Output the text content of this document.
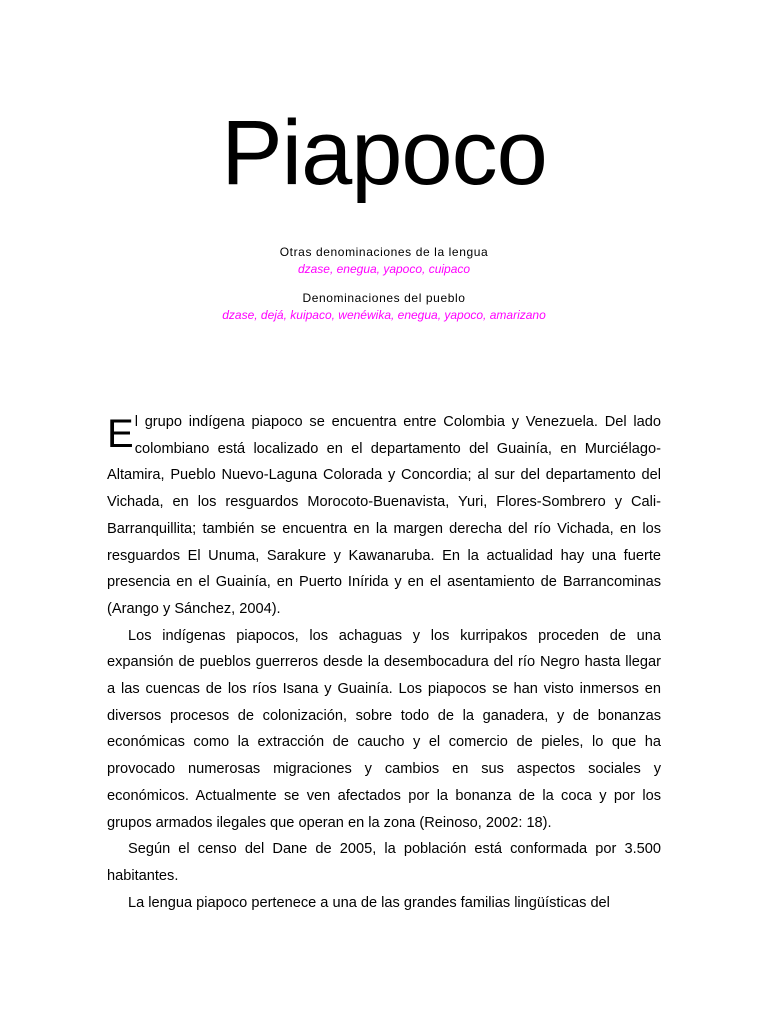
Piapoco
Otras denominaciones de la lengua
dzase, enegua, yapoco, cuipaco
Denominaciones del pueblo
dzase, dejá, kuipaco, wenéwika, enegua, yapoco, amarizano

El grupo indígena piapoco se encuentra entre Colombia y Venezuela. Del lado colombiano está localizado en el departamento del Guainía, en Murciélago-Altamira, Pueblo Nuevo-Laguna Colorada y Concordia; al sur del departamento del Vichada, en los resguardos Morocoto-Buenavista, Yuri, Flores-Sombrero y Cali-Barranquillita; también se encuentra en la margen derecha del río Vichada, en los resguardos El Unuma, Sarakure y Kawanaruba. En la actualidad hay una fuerte presencia en el Guainía, en Puerto Inírida y en el asentamiento de Barrancominas (Arango y Sánchez, 2004).

Los indígenas piapocos, los achaguas y los kurripakos proceden de una expansión de pueblos guerreros desde la desembocadura del río Negro hasta llegar a las cuencas de los ríos Isana y Guainía. Los piapocos se han visto inmersos en diversos procesos de colonización, sobre todo de la ganadera, y de bonanzas económicas como la extracción de caucho y el comercio de pieles, lo que ha provocado numerosas migraciones y cambios en sus aspectos sociales y económicos. Actualmente se ven afectados por la bonanza de la coca y por los grupos armados ilegales que operan en la zona (Reinoso, 2002: 18).

Según el censo del Dane de 2005, la población está conformada por 3.500 habitantes.

La lengua piapoco pertenece a una de las grandes familias lingüísticas del
